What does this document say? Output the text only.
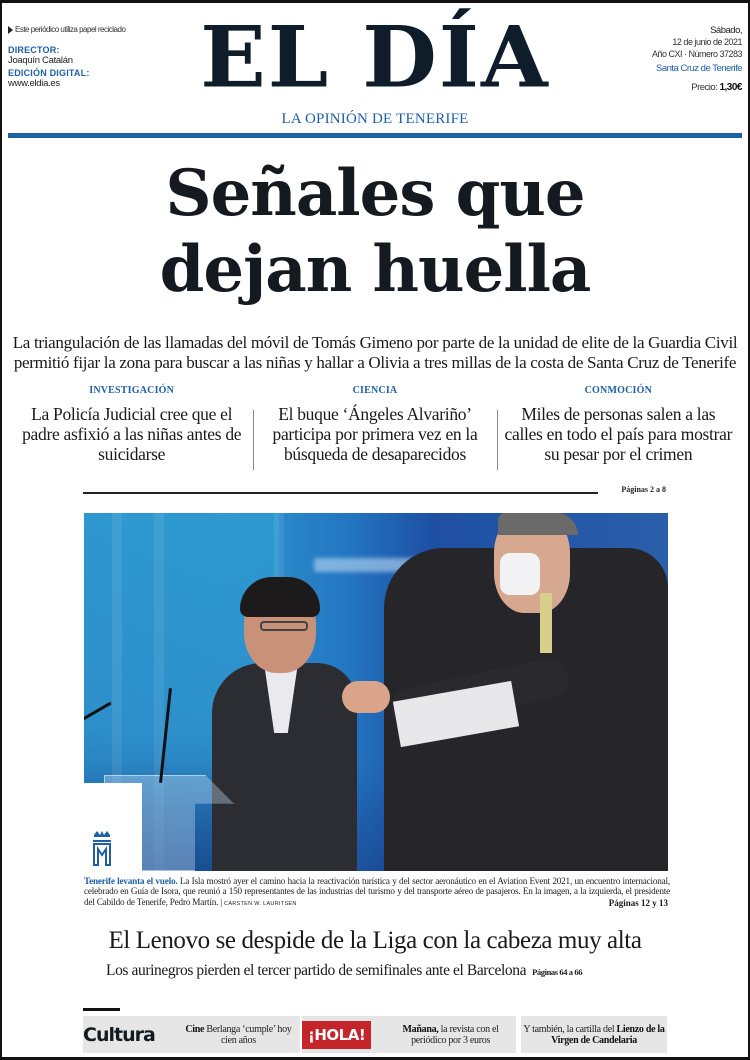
Este periódico utiliza papel reciclado
DIRECTOR:
Joaquín Catalán
EDICIÓN DIGITAL:
www.eldia.es	EL DÍA
LA OPINIÓN DE TENERIFE
Sábado,
12 de junio de 2021
Año CXI · Número 37283
Santa Cruz de Tenerife
Precio: 1,30€
Señales que
dejan huella
La triangulación de las llamadas del móvil de Tomás Gimeno por parte de la unidad de elite de la Guardia Civil
permitió fijar la zona para buscar a las niñas y hallar a Olivia a tres millas de la costa de Santa Cruz de Tenerife
INVESTIGACIÓN
La Policía Judicial cree que el padre asfixió a las niñas antes de suicidarse
CIENCIA
El buque ‘Ángeles Alvariño’ participa por primera vez en la búsqueda de desaparecidos
CONMOCIÓN
Miles de personas salen a las calles en todo el país para mostrar su pesar por el crimen
Páginas 2 a 8
Tenerife levanta el vuelo. La Isla mostró ayer el camino hacia la reactivación turística y del sector aeronáutico en el Aviation Event 2021, un encuentro internacional, celebrado en Guía de Isora, que reunió a 150 representantes de las industrias del turismo y del transporte aéreo de pasajeros. En la imagen, a la izquierda, el presidente del Cabildo de Tenerife, Pedro Martín. | CARSTEN W. LAURITSEN	Páginas 12 y 13
El Lenovo se despide de la Liga con la cabeza muy alta
Los aurinegros pierden el tercer partido de semifinales ante el Barcelona Páginas 64 a 66
Cultura	Cine Berlanga ‘cumple’ hoy cien años	¡HOLA!	Mañana, la revista con el periódico por 3 euros
Y también, la cartilla del Lienzo de la Virgen de Candelaria
